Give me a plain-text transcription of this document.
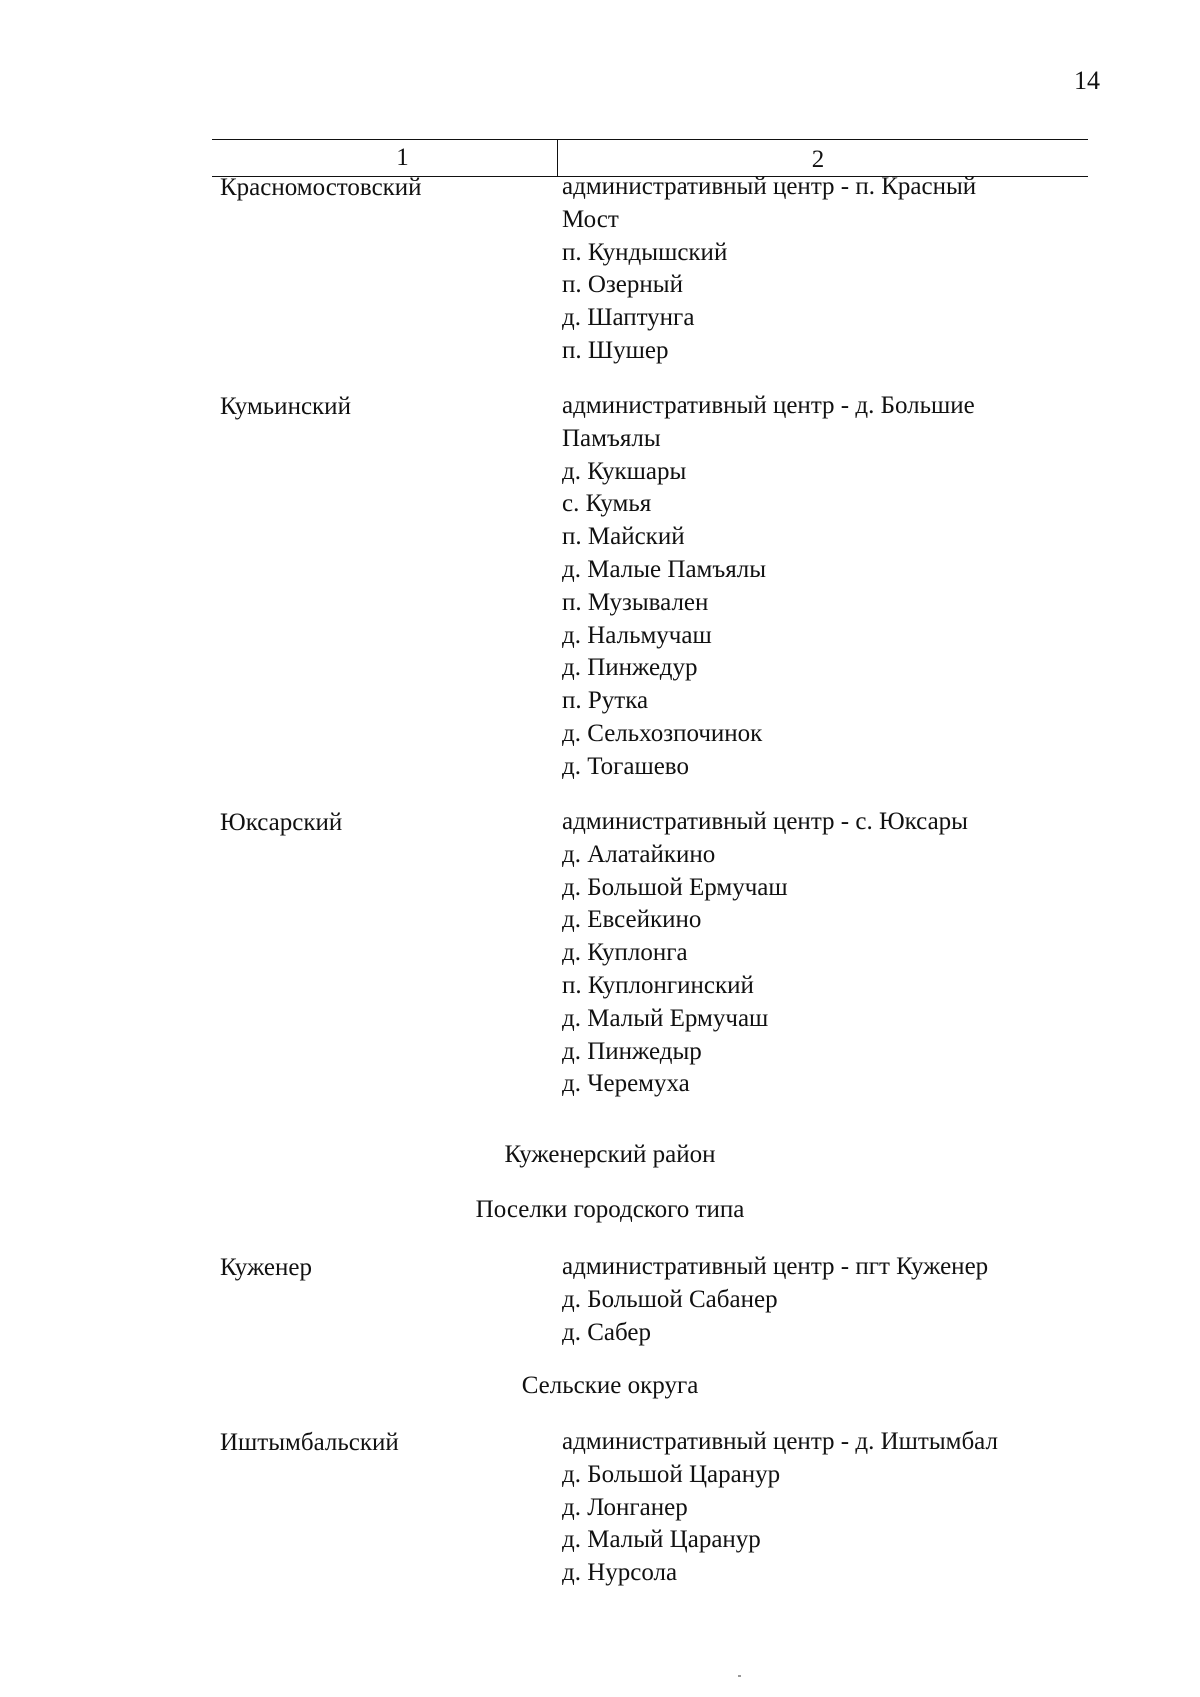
14
1	2
Красномостовский	административный центр - п. Красный
Мост
п. Кундышский
п. Озерный
д. Шаптунга
п. Шушер
Кумьинский	административный центр - д. Большие
Памъялы
д. Кукшары
с. Кумья
п. Майский
д. Малые Памъялы
п. Музывален
д. Нальмучаш
д. Пинжедур
п. Рутка
д. Сельхозпочинок
д. Тогашево
Юксарский	административный центр - с. Юксары
д. Алатайкино
д. Большой Ермучаш
д. Евсейкино
д. Куплонга
п. Куплонгинский
д. Малый Ермучаш
д. Пинжедыр
д. Черемуха
Куженерский район
Поселки городского типа
Куженер	административный центр - пгт Куженер
д. Большой Сабанер
д. Сабер
Сельские округа
Иштымбальский	административный центр - д. Иштымбал
д. Большой Царанур
д. Лонганер
д. Малый Царанур
д. Нурсола
